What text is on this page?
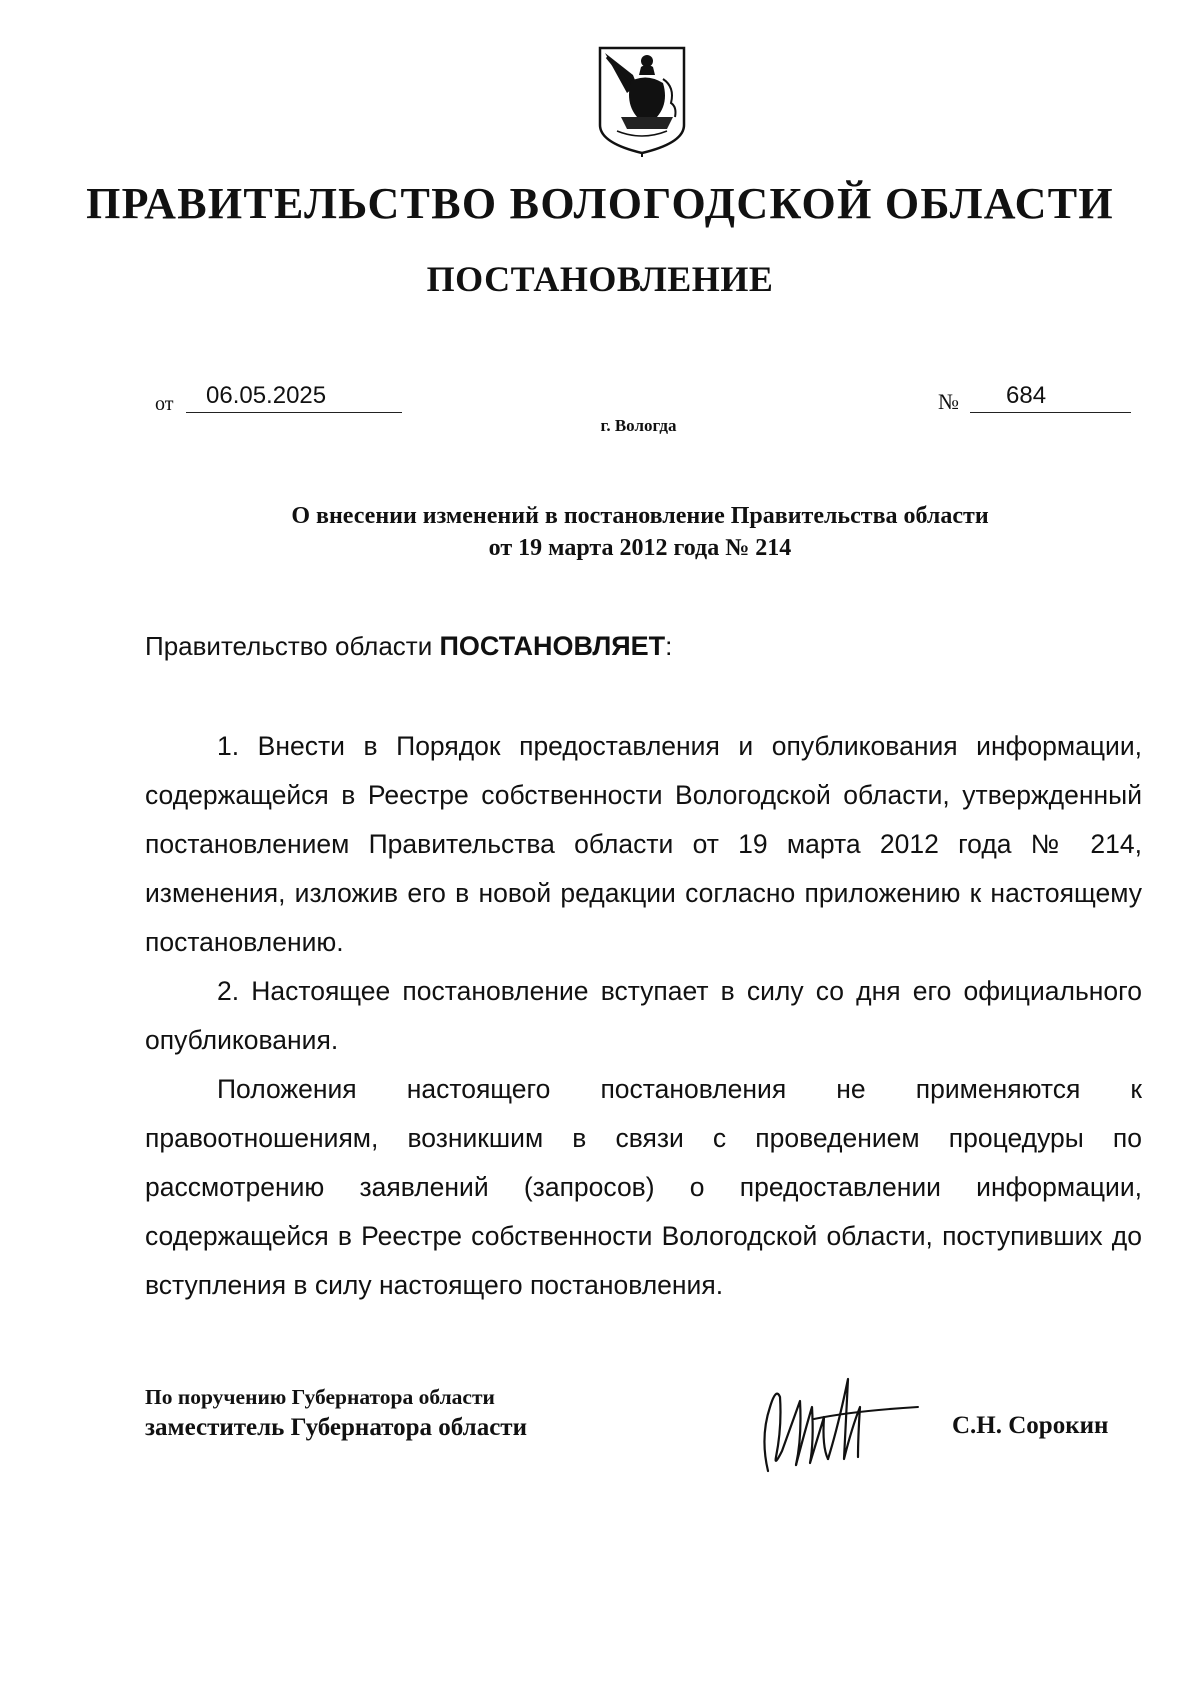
ПРАВИТЕЛЬСТВО ВОЛОГОДСКОЙ ОБЛАСТИ
ПОСТАНОВЛЕНИЕ
от	06.05.2025	№	684
г. Вологда
О внесении изменений в постановление Правительства области
от 19 марта 2012 года № 214
Правительство области ПОСТАНОВЛЯЕТ:

1. Внести в Порядок предоставления и опубликования информации, содержащейся в Реестре собственности Вологодской области, утвержденный постановлением Правительства области от 19 марта 2012 года № 214, изменения, изложив его в новой редакции согласно приложению к настоящему постановлению.

2. Настоящее постановление вступает в силу со дня его официального опубликования.

Положения настоящего постановления не применяются к правоотношениям, возникшим в связи с проведением процедуры по рассмотрению заявлений (запросов) о предоставлении информации, содержащейся в Реестре собственности Вологодской области, поступивших до вступления в силу настоящего постановления.

По поручению Губернатора области
заместитель Губернатора области	С.Н. Сорокин
